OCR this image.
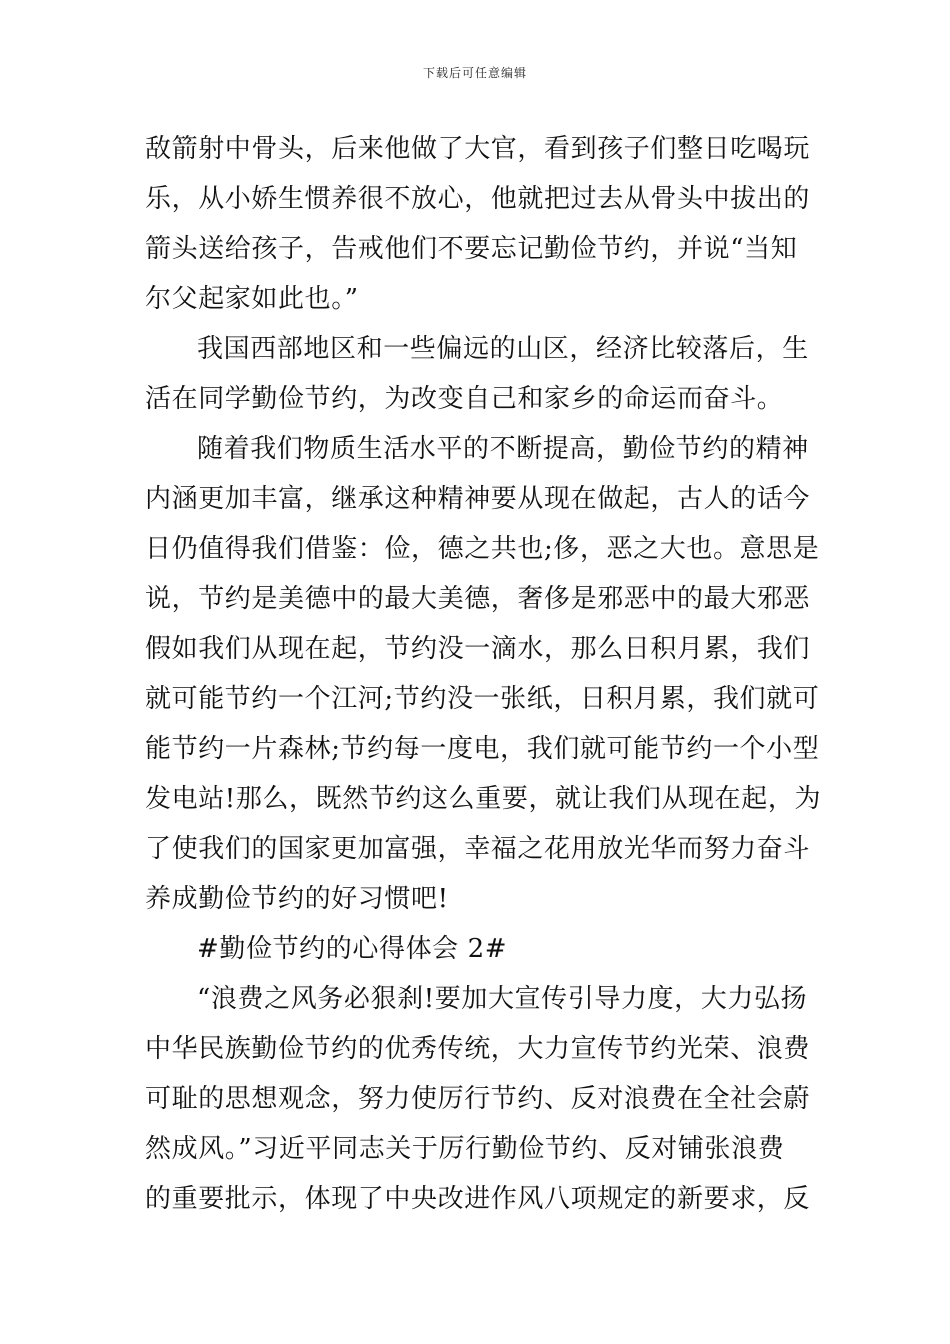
下载后可任意编辑
敌箭射中骨头，后来他做了大官，看到孩子们整日吃喝玩
乐，从小娇生惯养很不放心，他就把过去从骨头中拔出的
箭头送给孩子，告戒他们不要忘记勤俭节约，并说“当知
尔父起家如此也。”
我国西部地区和一些偏远的山区，经济比较落后，生
活在同学勤俭节约，为改变自己和家乡的命运而奋斗。
随着我们物质生活水平的不断提高，勤俭节约的精神
内涵更加丰富，继承这种精神要从现在做起，古人的话今
日仍值得我们借鉴：俭，德之共也;侈，恶之大也。意思是
说，节约是美德中的最大美德，奢侈是邪恶中的最大邪恶
假如我们从现在起，节约没一滴水，那么日积月累，我们
就可能节约一个江河;节约没一张纸，日积月累，我们就可
能节约一片森林;节约每一度电，我们就可能节约一个小型
发电站!那么，既然节约这么重要，就让我们从现在起，为
了使我们的国家更加富强，幸福之花用放光华而努力奋斗
养成勤俭节约的好习惯吧!
#勤俭节约的心得体会 2#
“浪费之风务必狠刹!要加大宣传引导力度，大力弘扬
中华民族勤俭节约的优秀传统，大力宣传节约光荣、浪费
可耻的思想观念，努力使厉行节约、反对浪费在全社会蔚
然成风。”习近平同志关于厉行勤俭节约、反对铺张浪费
的重要批示，体现了中央改进作风八项规定的新要求，反
